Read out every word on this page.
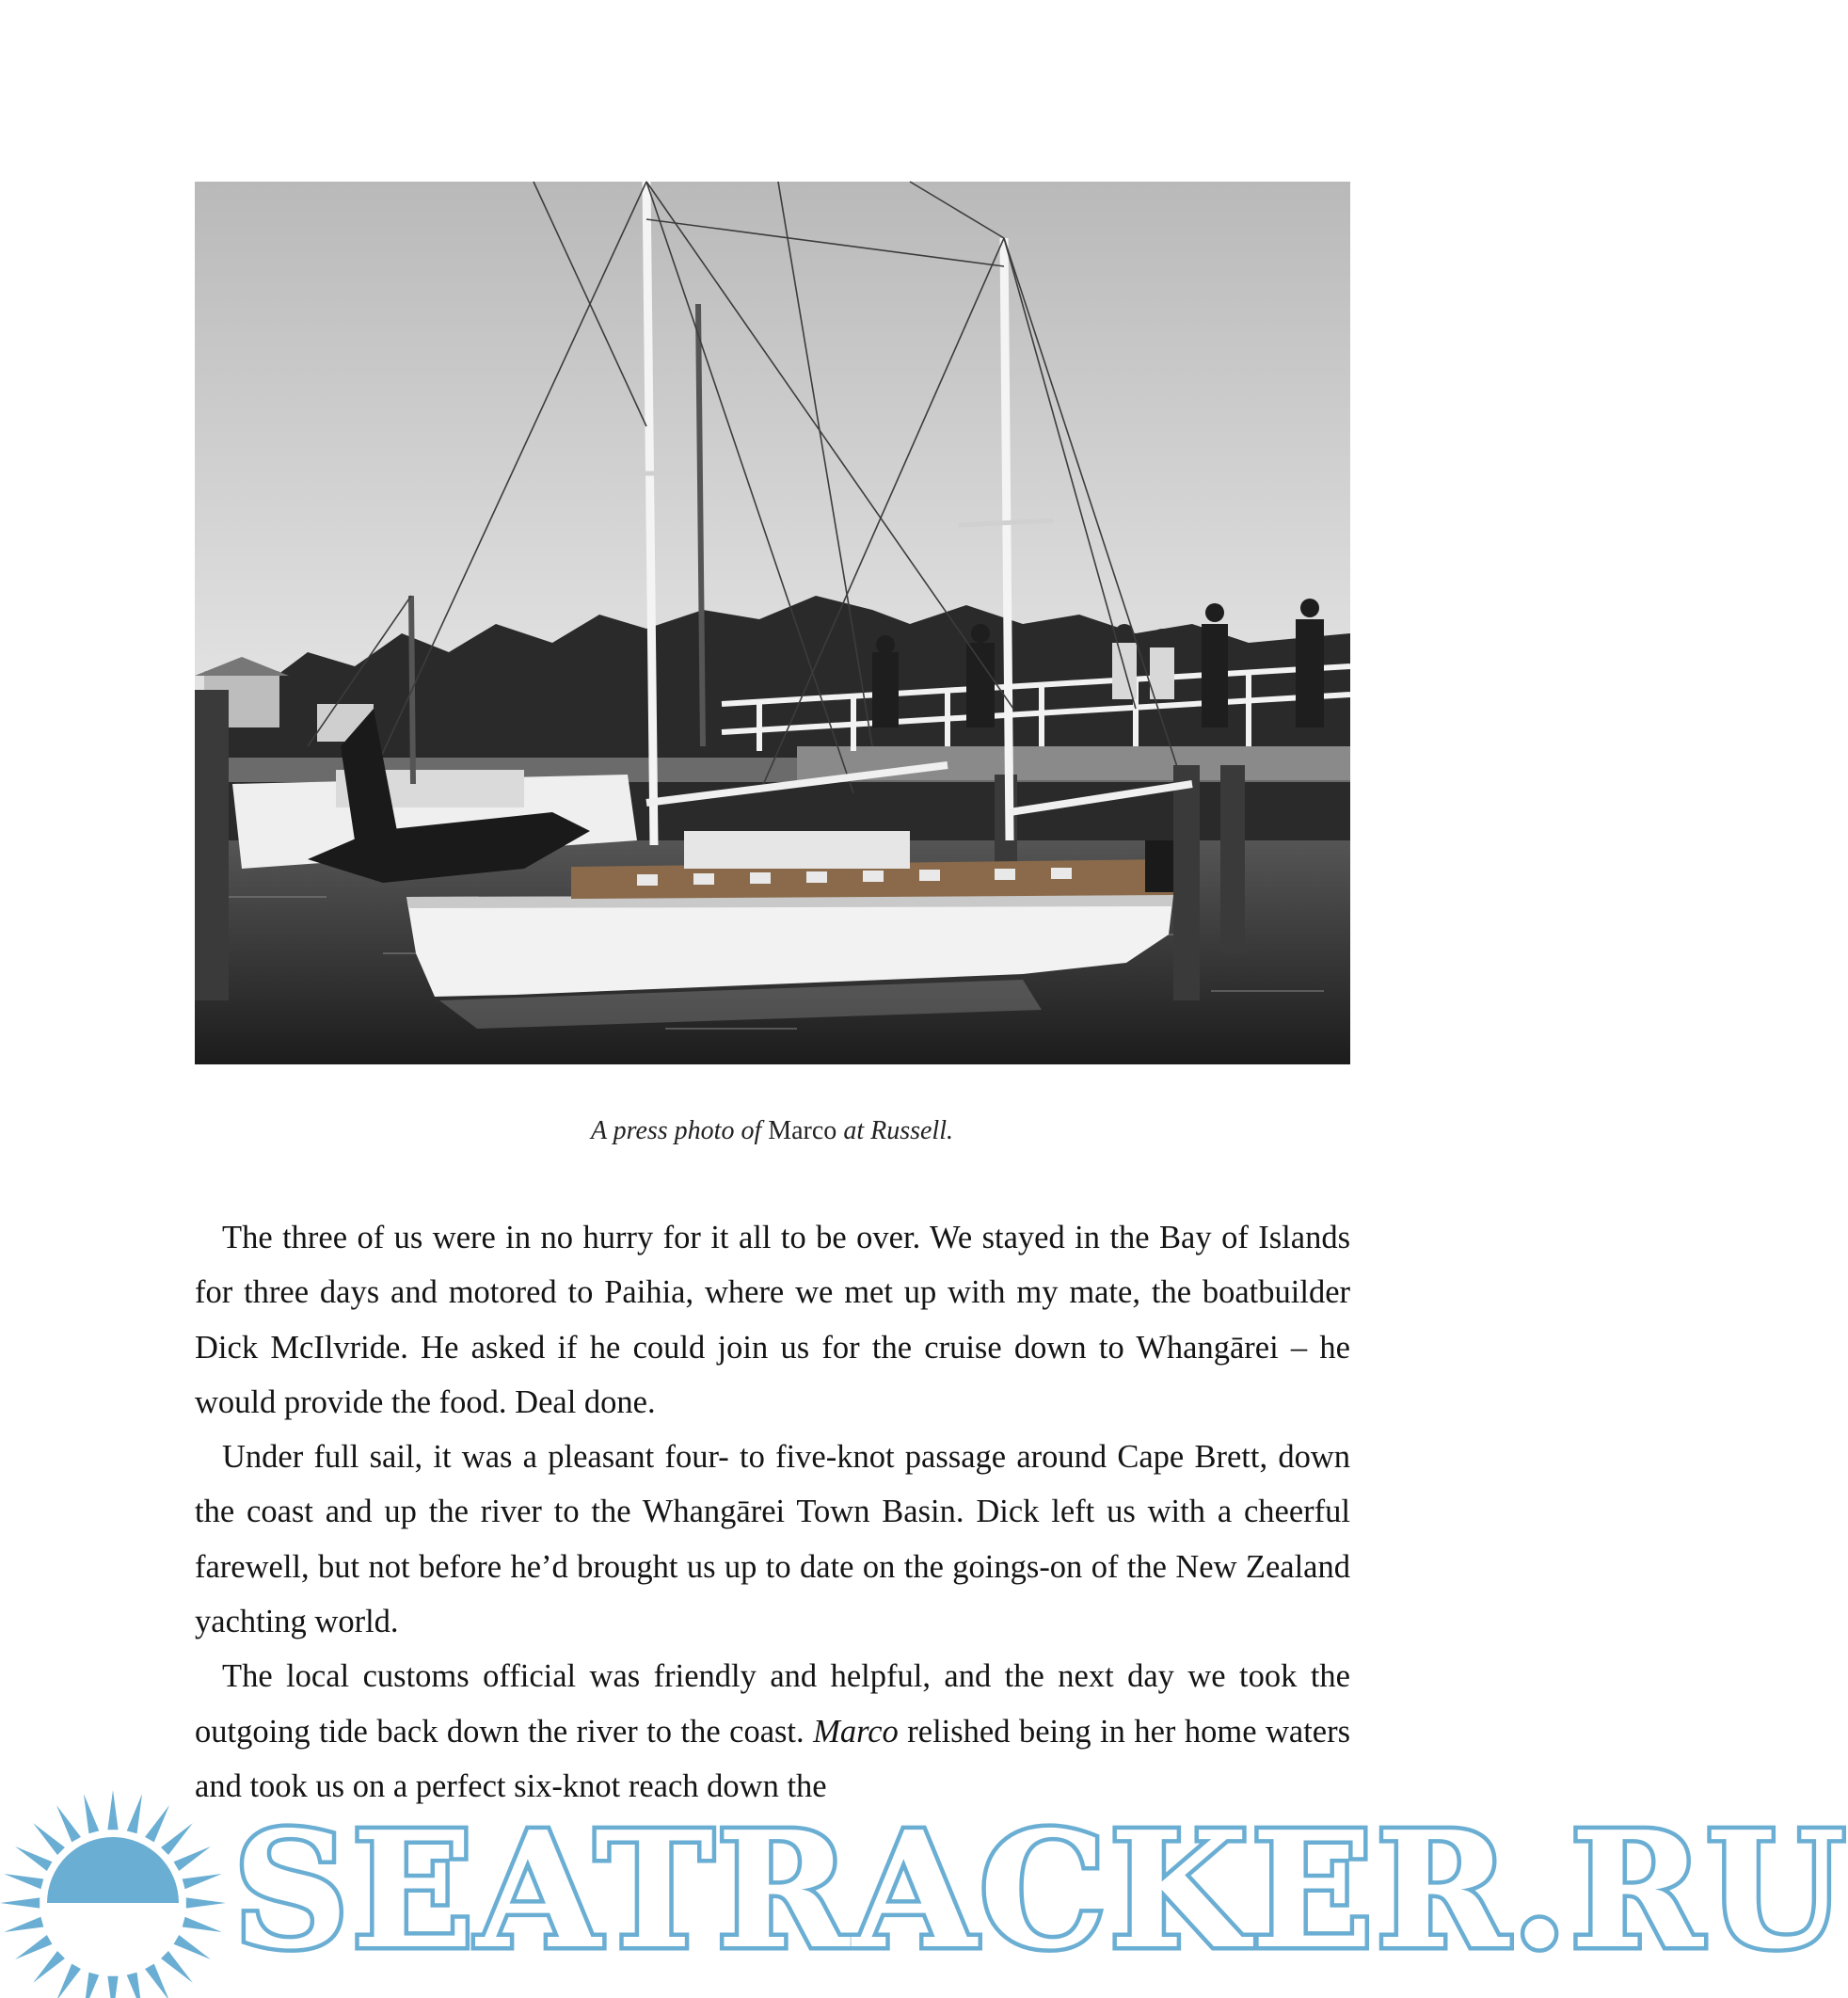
A press photo of Marco at Russell.

The three of us were in no hurry for it all to be over. We stayed in the Bay of Islands for three days and motored to Paihia, where we met up with my mate, the boatbuilder Dick McIlvride. He asked if he could join us for the cruise down to Whangārei – he would provide the food. Deal done.

Under full sail, it was a pleasant four- to five-knot passage around Cape Brett, down the coast and up the river to the Whangārei Town Basin. Dick left us with a cheerful farewell, but not before he’d brought us up to date on the goings-on of the New Zealand yachting world.

The local customs official was friendly and helpful, and the next day we took the outgoing tide back down the river to the coast. Marco relished being in her home waters and took us on a perfect six-knot reach down the

SEATRACKER.RU
